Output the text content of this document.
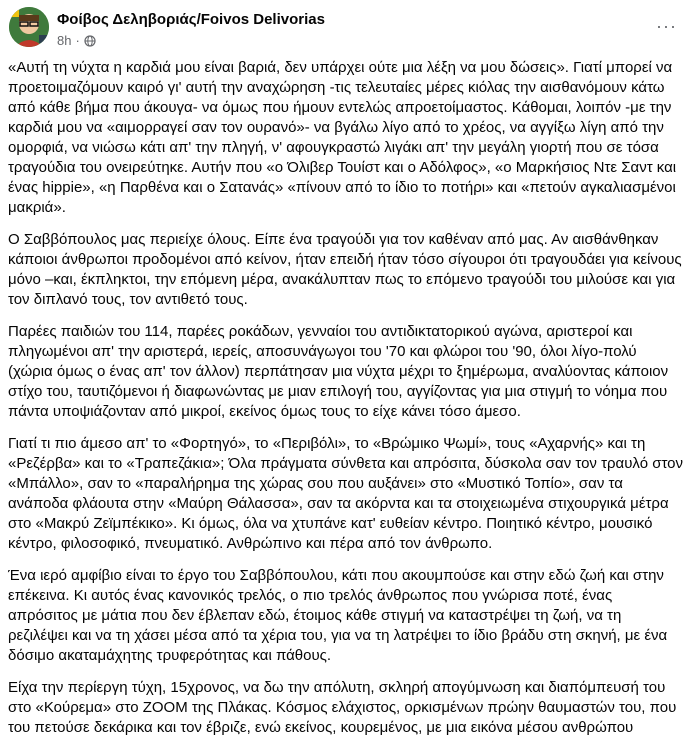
Φοίβος Δεληβοριάς/Foivos Delivorias
8h ·
···

«Αυτή τη νύχτα η καρδιά μου είναι βαριά, δεν υπάρχει ούτε μια λέξη να μου δώσεις». Γιατί μπορεί να προετοιμαζόμουν καιρό γι' αυτή την αναχώρηση -τις τελευταίες μέρες κιόλας την αισθανόμουν κάτω από κάθε βήμα που άκουγα- να όμως που ήμουν εντελώς απροετοίμαστος. Κάθομαι, λοιπόν -με την καρδιά μου να «αιμορραγεί σαν τον ουρανό»- να βγάλω λίγο από το χρέος, να αγγίξω λίγη από την ομορφιά, να νιώσω κάτι απ' την πληγή, ν' αφουγκραστώ λιγάκι απ' την μεγάλη γιορτή που σε τόσα τραγούδια του ονειρεύτηκε. Αυτήν που «ο Όλιβερ Τουίστ και ο Αδόλφος», «ο Μαρκήσιος Ντε Σαντ και ένας hippie», «η Παρθένα και ο Σατανάς» «πίνουν από το ίδιο το ποτήρι» και «πετούν αγκαλιασμένοι μακριά».

Ο Σαββόπουλος μας περιείχε όλους. Είπε ένα τραγούδι για τον καθέναν από μας. Αν αισθάνθηκαν κάποιοι άνθρωποι προδομένοι από κείνον, ήταν επειδή ήταν τόσο σίγουροι ότι τραγουδάει για κείνους μόνο –και, έκπληκτοι, την επόμενη μέρα, ανακάλυπταν πως το επόμενο τραγούδι του μιλούσε και για τον διπλανό τους, τον αντιθετό τους.

Παρέες παιδιών του 114, παρέες ροκάδων, γενναίοι του αντιδικτατορικού αγώνα, αριστεροί και πληγωμένοι απ' την αριστερά, ιερείς, αποσυνάγωγοι του '70 και φλώροι του '90, όλοι λίγο-πολύ (χώρια όμως ο ένας απ' τον άλλον) περπάτησαν μια νύχτα μέχρι το ξημέρωμα, αναλύοντας κάποιον στίχο του, ταυτιζόμενοι ή διαφωνώντας με μιαν επιλογή του, αγγίζοντας για μια στιγμή το νόημα που πάντα υποψιάζονταν από μικροί, εκείνος όμως τους το είχε κάνει τόσο άμεσο.

Γιατί τι πιο άμεσο απ' το «Φορτηγό», το «Περιβόλι», το «Βρώμικο Ψωμί», τους «Αχαρνής» και τη «Ρεζέρβα» και το «Τραπεζάκια»; Όλα πράγματα σύνθετα και απρόσιτα, δύσκολα σαν τον τραυλό στον «Μπάλλο», σαν το «παραλήρημα της χώρας σου που αυξάνει» στο «Μυστικό Τοπίο», σαν τα ανάποδα φλάουτα στην «Μαύρη Θάλασσα», σαν τα ακόρντα και τα στοιχειωμένα στιχουργικά μέτρα στο «Μακρύ Ζεϊμπέκικο». Κι όμως, όλα να χτυπάνε κατ' ευθείαν κέντρο. Ποιητικό κέντρο, μουσικό κέντρο, φιλοσοφικό, πνευματικό. Ανθρώπινο και πέρα από τον άνθρωπο.

Ένα ιερό αμφίβιο είναι το έργο του Σαββόπουλου, κάτι που ακουμπούσε και στην εδώ ζωή και στην επέκεινα. Κι αυτός ένας κανονικός τρελός, ο πιο τρελός άνθρωπος που γνώρισα ποτέ, ένας απρόσιτος με μάτια που δεν έβλεπαν εδώ, έτοιμος κάθε στιγμή να καταστρέψει τη ζωή, να τη ρεζιλέψει και να τη χάσει μέσα από τα χέρια του, για να τη λατρέψει το ίδιο βράδυ στη σκηνή, με ένα δόσιμο ακαταμάχητης τρυφερότητας και πάθους.

Είχα την περίεργη τύχη, 15χρονος, να δω την απόλυτη, σκληρή απογύμνωση και διαπόμπευσή του στο «Κούρεμα» στο ZOOM της Πλάκας. Κόσμος ελάχιστος, ορκισμένων πρώην θαυμαστών του, που του πετούσε δεκάρικα και τον έβριζε, ενώ εκείνος, κουρεμένος, με μια εικόνα μέσου ανθρώπου
